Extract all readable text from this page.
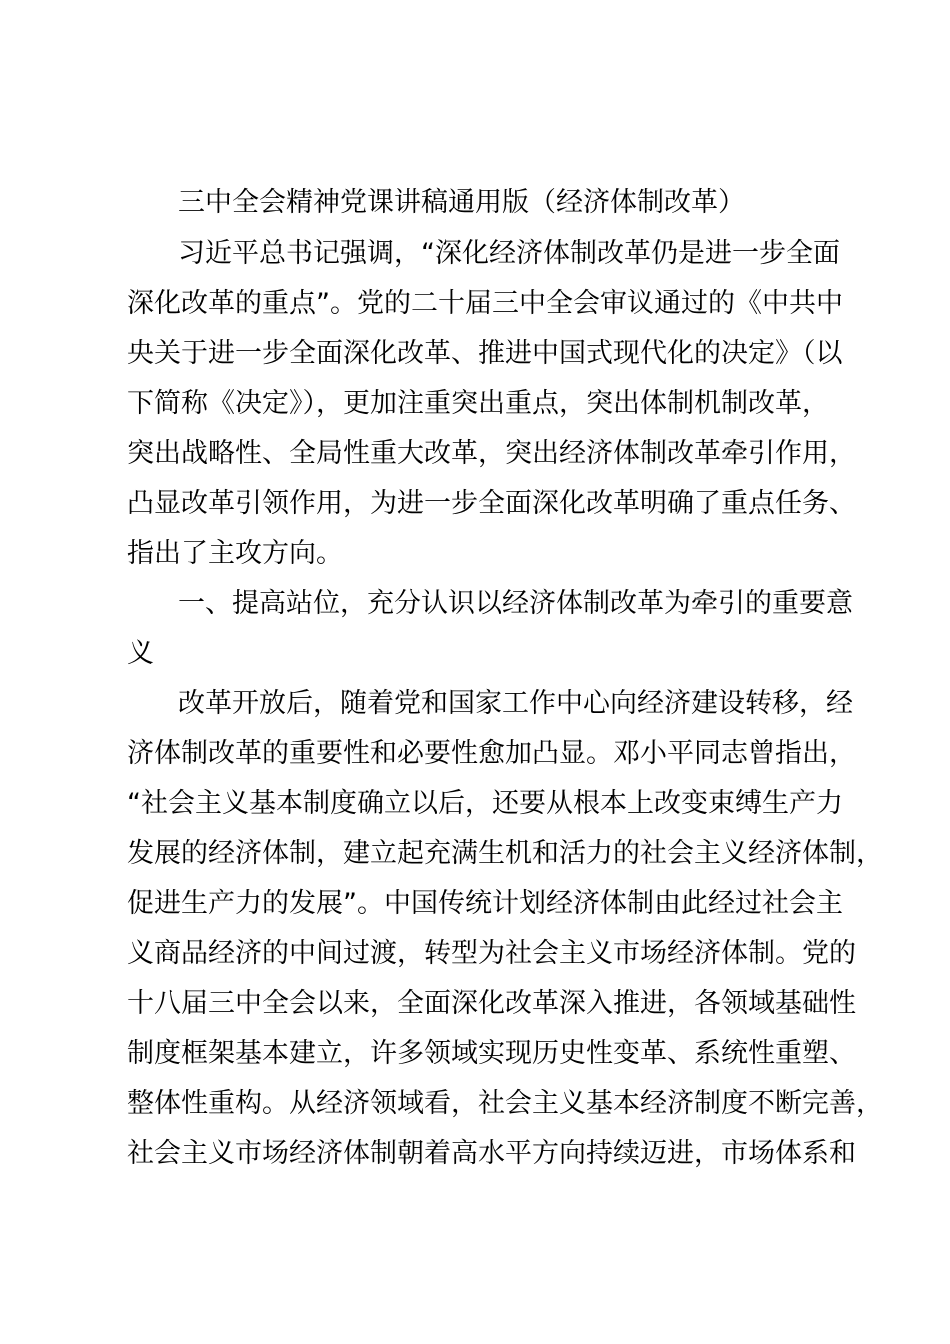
三中全会精神党课讲稿通用版（经济体制改革）
习近平总书记强调，“深化经济体制改革仍是进一步全面
深化改革的重点”。党的二十届三中全会审议通过的《中共中
央关于进一步全面深化改革、推进中国式现代化的决定》（以
下简称《决定》），更加注重突出重点，突出体制机制改革，
突出战略性、全局性重大改革，突出经济体制改革牵引作用，
凸显改革引领作用，为进一步全面深化改革明确了重点任务、
指出了主攻方向。
一、提高站位，充分认识以经济体制改革为牵引的重要意
义
改革开放后，随着党和国家工作中心向经济建设转移，经
济体制改革的重要性和必要性愈加凸显。邓小平同志曾指出，
“社会主义基本制度确立以后，还要从根本上改变束缚生产力
发展的经济体制，建立起充满生机和活力的社会主义经济体制，
促进生产力的发展”。中国传统计划经济体制由此经过社会主
义商品经济的中间过渡，转型为社会主义市场经济体制。党的
十八届三中全会以来，全面深化改革深入推进，各领域基础性
制度框架基本建立，许多领域实现历史性变革、系统性重塑、
整体性重构。从经济领域看，社会主义基本经济制度不断完善，
社会主义市场经济体制朝着高水平方向持续迈进，市场体系和
